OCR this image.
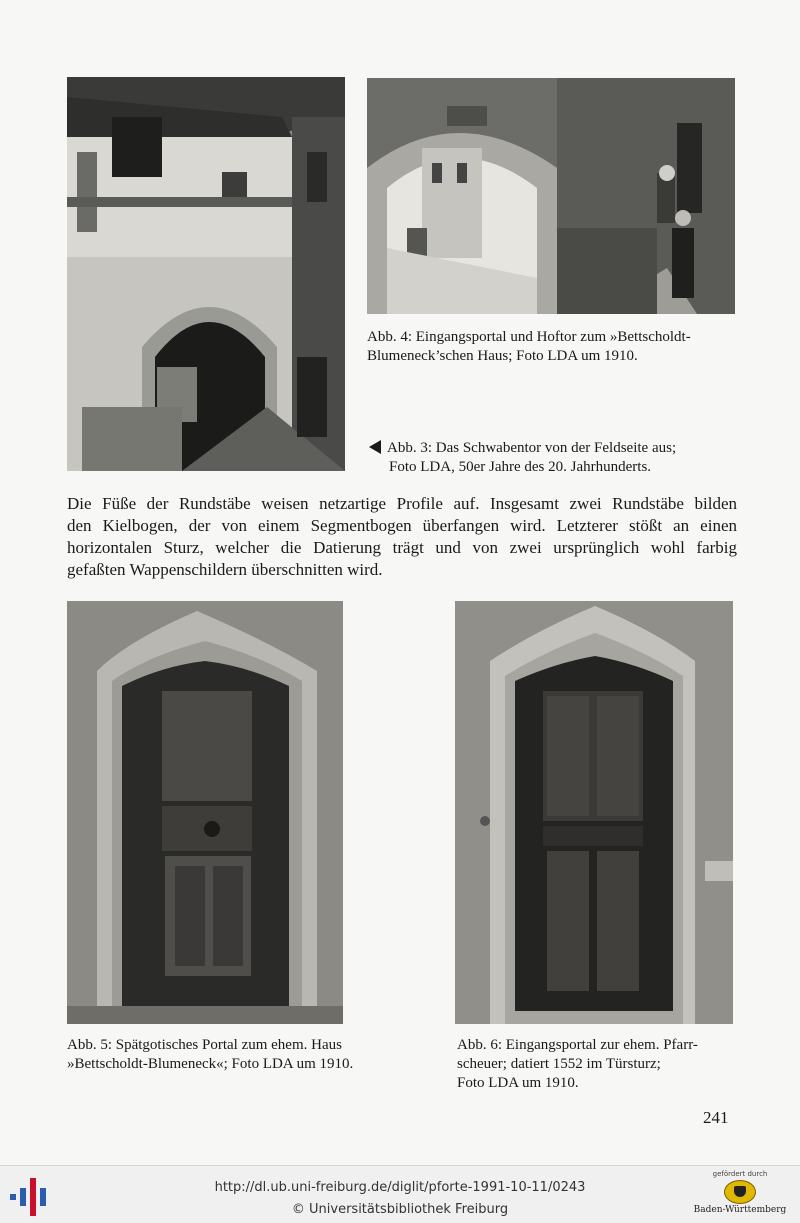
Abb. 4: Eingangsportal und Hoftor zum »Bettscholdt-
Blumeneck’schen Haus; Foto LDA um 1910.
Abb. 3: Das Schwabentor von der Feldseite aus;
Foto LDA, 50er Jahre des 20. Jahrhunderts.
Die Füße der Rundstäbe weisen netzartige Profile auf. Insgesamt zwei Rundstäbe bilden
den Kielbogen, der von einem Segmentbogen überfangen wird. Letzterer stößt an einen
horizontalen Sturz, welcher die Datierung trägt und von zwei ursprünglich wohl farbig
gefaßten Wappenschildern überschnitten wird.
Abb. 5: Spätgotisches Portal zum ehem. Haus
»Bettscholdt-Blumeneck«; Foto LDA um 1910.
Abb. 6: Eingangsportal zur ehem. Pfarr-
scheuer; datiert 1552 im Türsturz;
Foto LDA um 1910.
241
http://dl.ub.uni-freiburg.de/diglit/pforte-1991-10-11/0243
© Universitätsbibliothek Freiburg
gefördert durch
Baden-Württemberg
